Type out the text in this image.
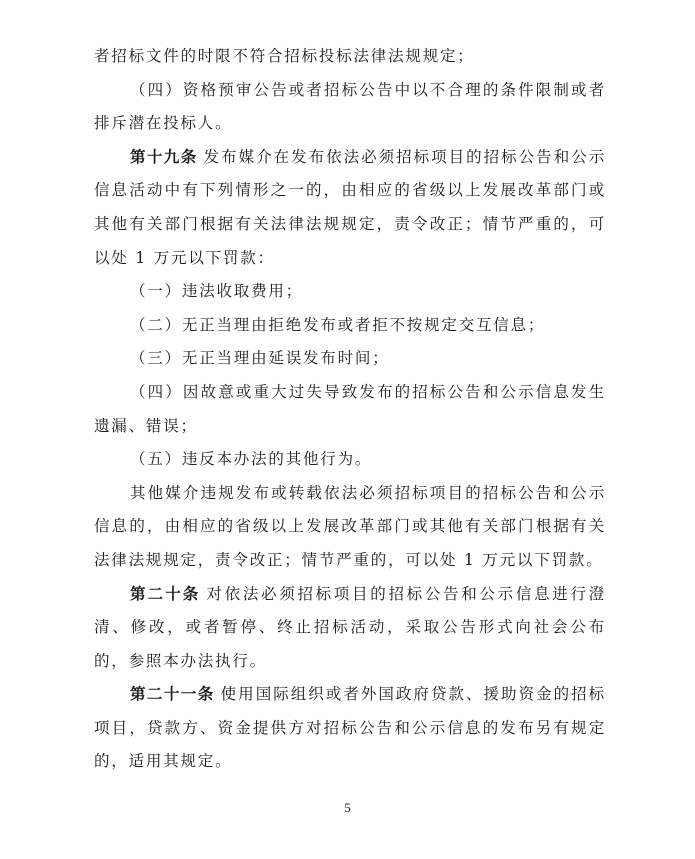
者招标文件的时限不符合招标投标法律法规规定；

（四）资格预审公告或者招标公告中以不合理的条件限制或者排斥潜在投标人。

第十九条 发布媒介在发布依法必须招标项目的招标公告和公示信息活动中有下列情形之一的，由相应的省级以上发展改革部门或其他有关部门根据有关法律法规规定，责令改正；情节严重的，可以处 1 万元以下罚款：

（一）违法收取费用；

（二）无正当理由拒绝发布或者拒不按规定交互信息；

（三）无正当理由延误发布时间；

（四）因故意或重大过失导致发布的招标公告和公示信息发生遗漏、错误；

（五）违反本办法的其他行为。

其他媒介违规发布或转载依法必须招标项目的招标公告和公示信息的，由相应的省级以上发展改革部门或其他有关部门根据有关法律法规规定，责令改正；情节严重的，可以处 1 万元以下罚款。

第二十条 对依法必须招标项目的招标公告和公示信息进行澄清、修改，或者暂停、终止招标活动，采取公告形式向社会公布的，参照本办法执行。

第二十一条 使用国际组织或者外国政府贷款、援助资金的招标项目，贷款方、资金提供方对招标公告和公示信息的发布另有规定的，适用其规定。

5
